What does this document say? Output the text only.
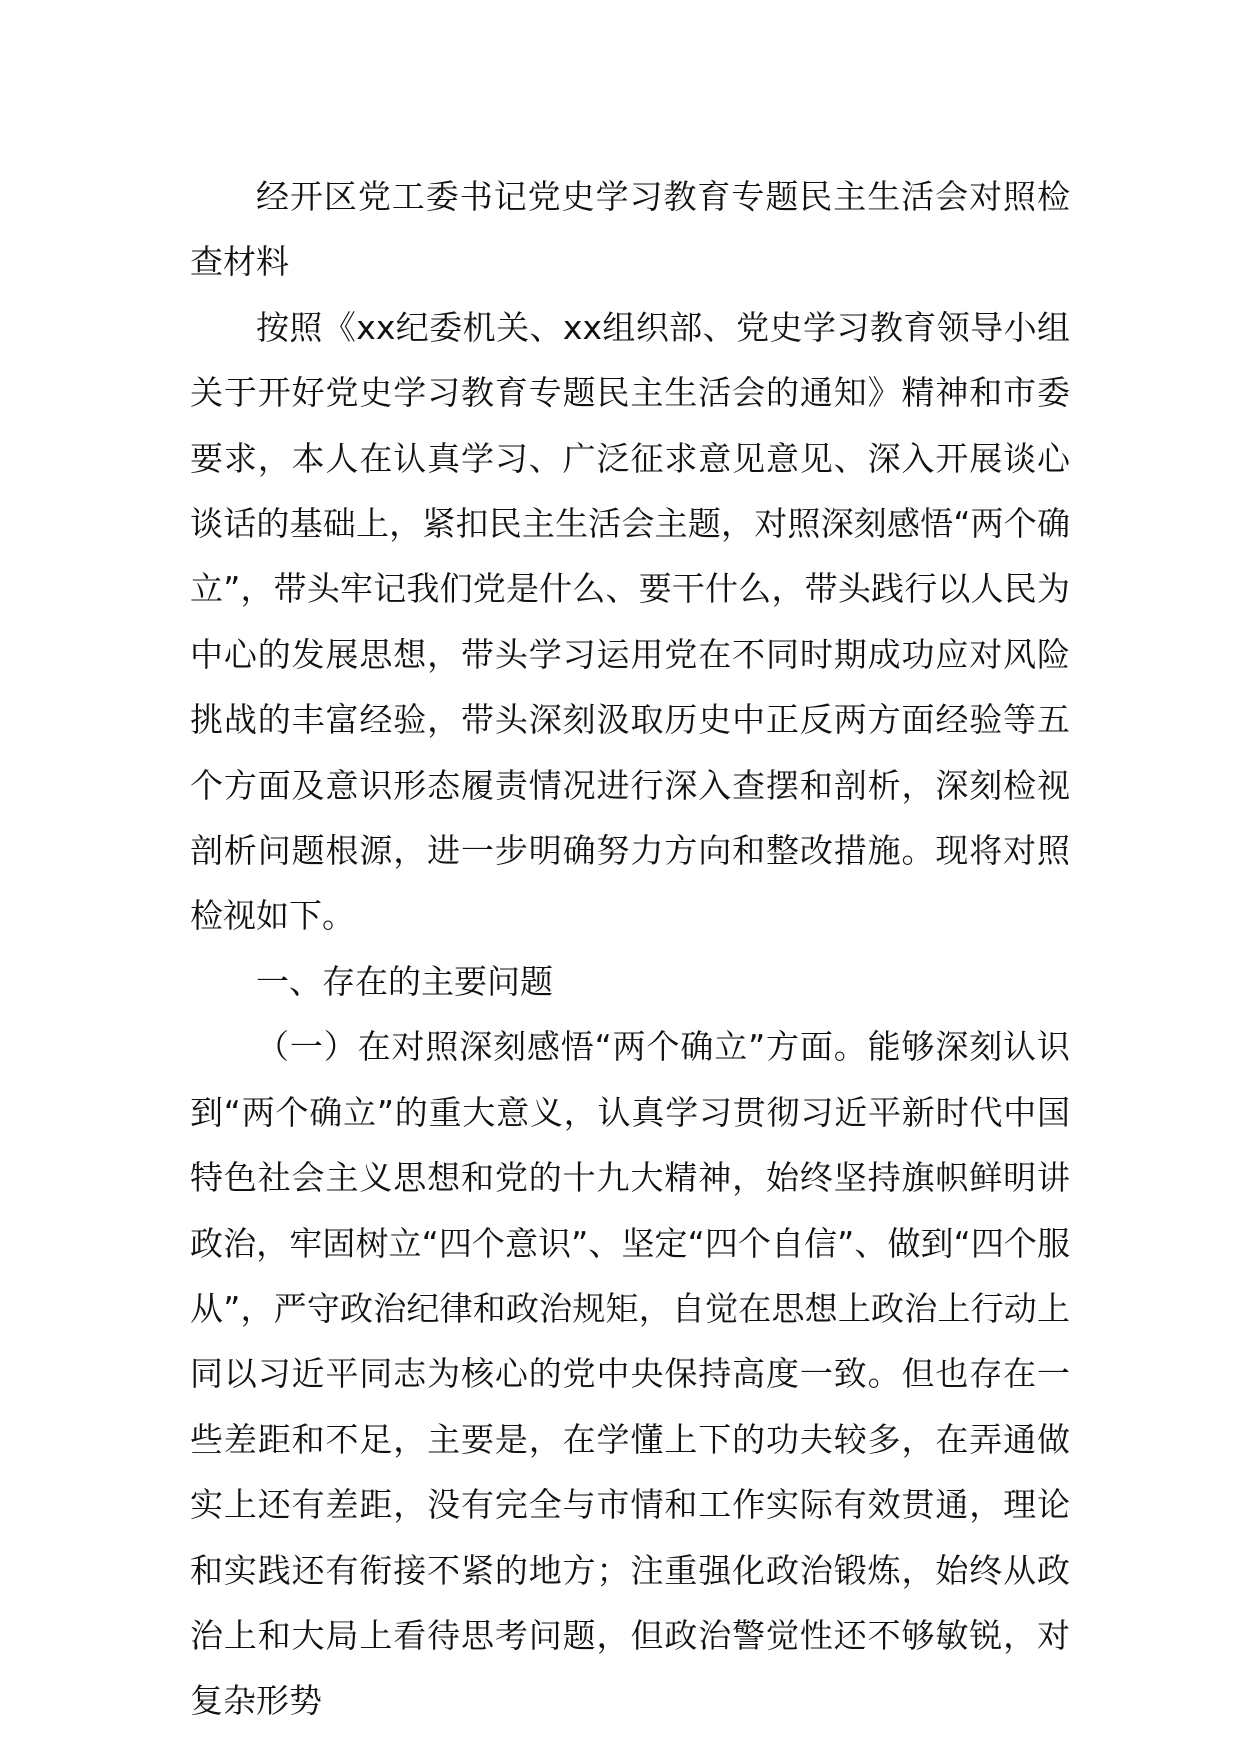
经开区党工委书记党史学习教育专题民主生活会对照检查材料

按照《xx纪委机关、xx组织部、党史学习教育领导小组关于开好党史学习教育专题民主生活会的通知》精神和市委要求，本人在认真学习、广泛征求意见意见、深入开展谈心谈话的基础上，紧扣民主生活会主题，对照深刻感悟“两个确立”，带头牢记我们党是什么、要干什么，带头践行以人民为中心的发展思想，带头学习运用党在不同时期成功应对风险挑战的丰富经验，带头深刻汲取历史中正反两方面经验等五个方面及意识形态履责情况进行深入查摆和剖析，深刻检视剖析问题根源，进一步明确努力方向和整改措施。现将对照检视如下。

一、存在的主要问题

（一）在对照深刻感悟“两个确立”方面。能够深刻认识到“两个确立”的重大意义，认真学习贯彻习近平新时代中国特色社会主义思想和党的十九大精神，始终坚持旗帜鲜明讲政治，牢固树立“四个意识”、坚定“四个自信”、做到“四个服从”，严守政治纪律和政治规矩，自觉在思想上政治上行动上同以习近平同志为核心的党中央保持高度一致。但也存在一些差距和不足，主要是，在学懂上下的功夫较多，在弄通做实上还有差距，没有完全与市情和工作实际有效贯通，理论和实践还有衔接不紧的地方；注重强化政治锻炼，始终从政治上和大局上看待思考问题，但政治警觉性还不够敏锐，对复杂形势
